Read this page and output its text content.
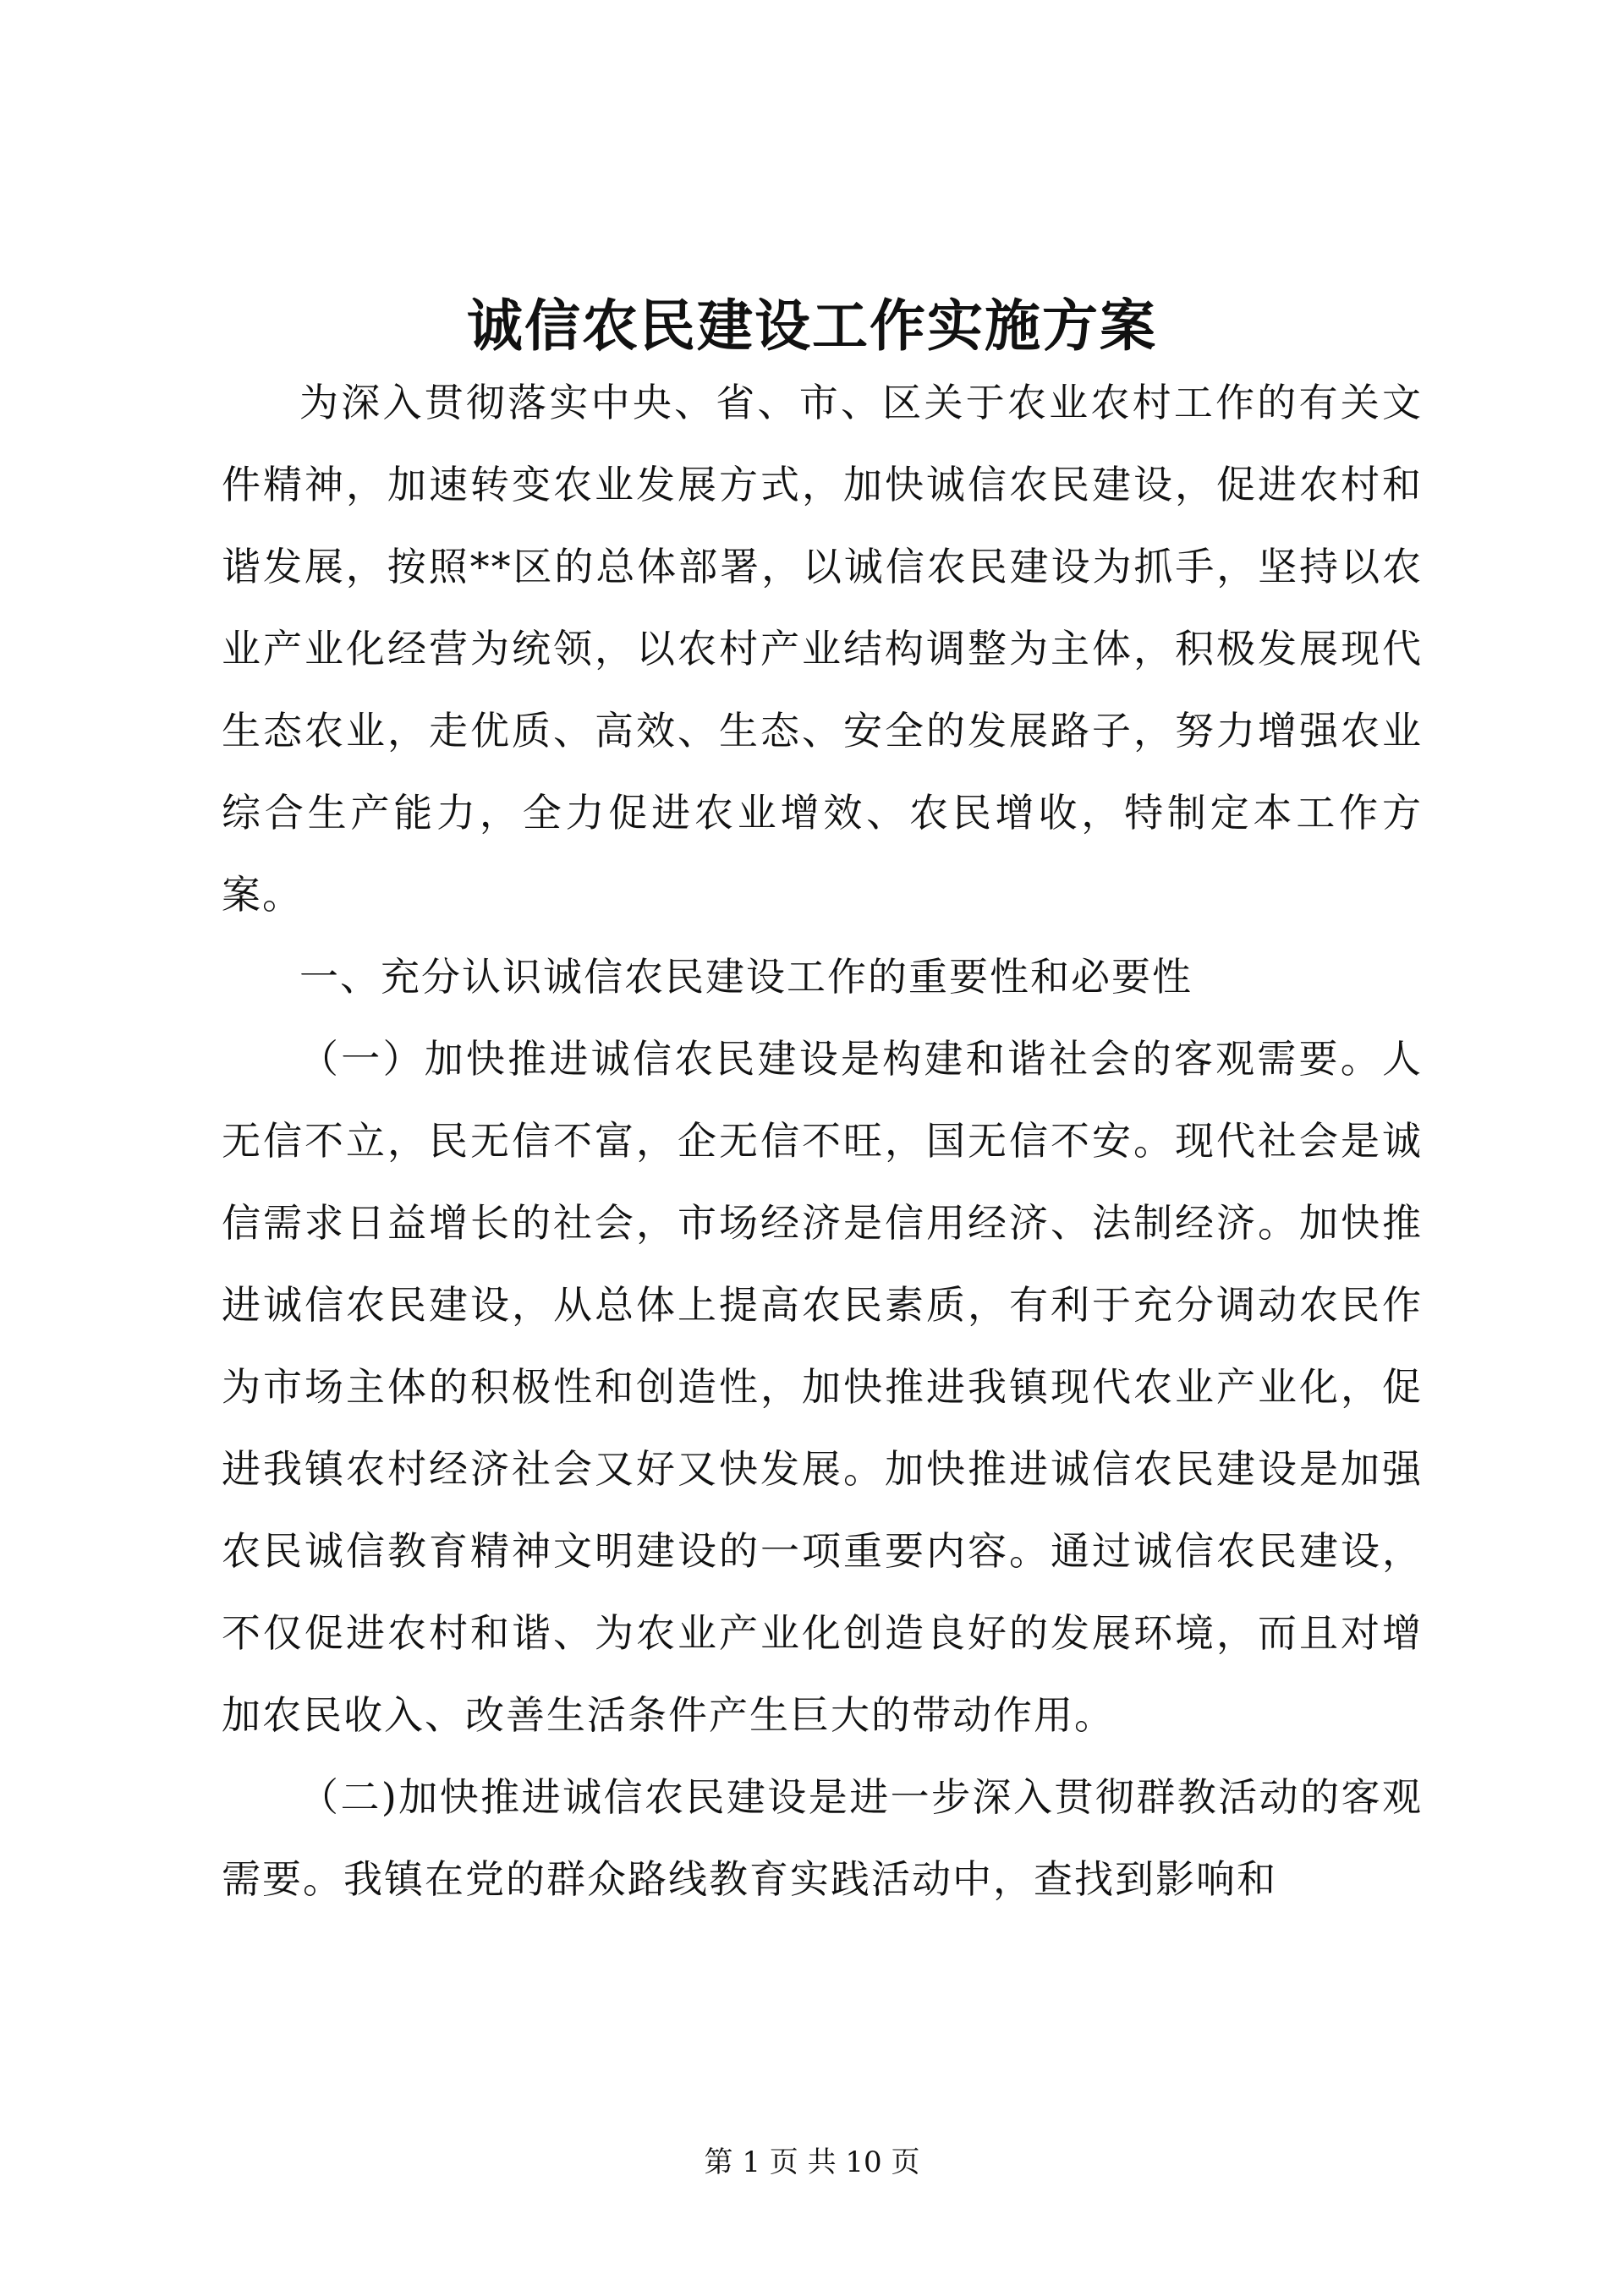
诚信农民建设工作实施方案

为深入贯彻落实中央、省、市、区关于农业农村工作的有关文件精神，加速转变农业发展方式，加快诚信农民建设，促进农村和谐发展，按照**区的总体部署，以诚信农民建设为抓手，坚持以农业产业化经营为统领，以农村产业结构调整为主体，积极发展现代生态农业，走优质、高效、生态、安全的发展路子，努力增强农业综合生产能力，全力促进农业增效、农民增收，特制定本工作方案。

一、充分认识诚信农民建设工作的重要性和必要性

（一）加快推进诚信农民建设是构建和谐社会的客观需要。人无信不立，民无信不富，企无信不旺，国无信不安。现代社会是诚信需求日益增长的社会，市场经济是信用经济、法制经济。加快推进诚信农民建设，从总体上提高农民素质，有利于充分调动农民作为市场主体的积极性和创造性，加快推进我镇现代农业产业化，促进我镇农村经济社会又好又快发展。加快推进诚信农民建设是加强农民诚信教育精神文明建设的一项重要内容。通过诚信农民建设，不仅促进农村和谐、为农业产业化创造良好的发展环境，而且对增加农民收入、改善生活条件产生巨大的带动作用。

（二)加快推进诚信农民建设是进一步深入贯彻群教活动的客观需要。我镇在党的群众路线教育实践活动中，查找到影响和

第 1 页 共 10 页
